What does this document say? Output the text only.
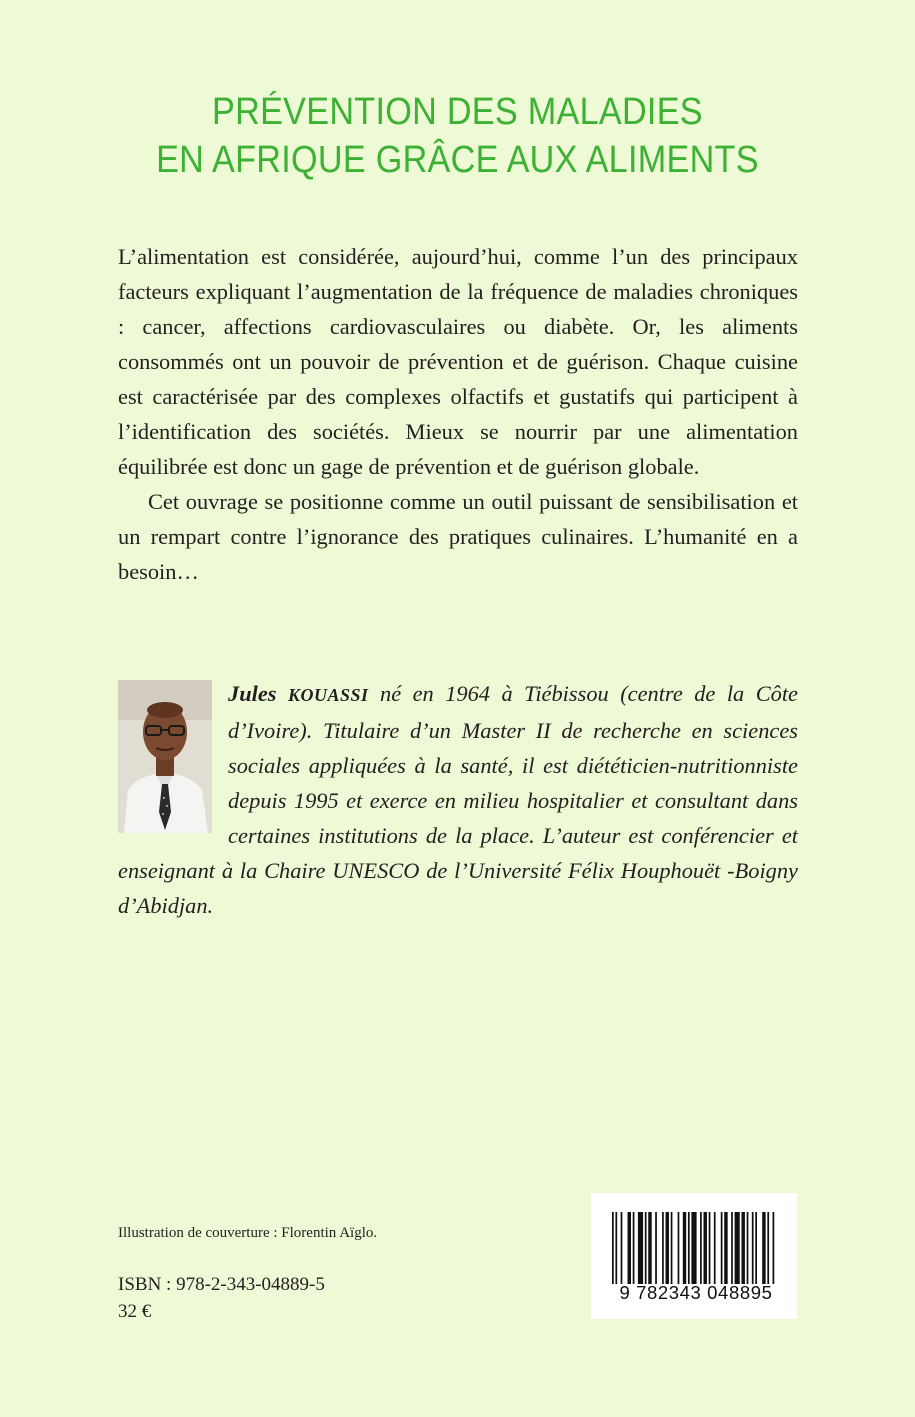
PRÉVENTION DES MALADIES
EN AFRIQUE GRÂCE AUX ALIMENTS

L’alimentation est considérée, aujourd’hui, comme l’un des principaux facteurs expliquant l’augmentation de la fréquence de maladies chroniques : cancer, affections cardiovasculaires ou diabète. Or, les aliments consommés ont un pouvoir de prévention et de guérison. Chaque cuisine est caractérisée par des complexes olfactifs et gustatifs qui participent à l’identification des sociétés. Mieux se nourrir par une alimentation équilibrée est donc un gage de prévention et de guérison globale.

Cet ouvrage se positionne comme un outil puissant de sensibilisation et un rempart contre l’ignorance des pratiques culinaires. L’humanité en a besoin…

Jules KOUASSI né en 1964 à Tiébissou (centre de la Côte d’Ivoire). Titulaire d’un Master II de recherche en sciences sociales appliquées à la santé, il est diététicien-nutritionniste depuis 1995 et exerce en milieu hospitalier et consultant dans certaines institutions de la place. L’auteur est conférencier et enseignant à la Chaire UNESCO de l’Université Félix Houphouët -Boigny d’Abidjan.

Illustration de couverture : Florentin Aïglo.
ISBN : 978-2-343-04889-5
32 €
9 782343 048895
